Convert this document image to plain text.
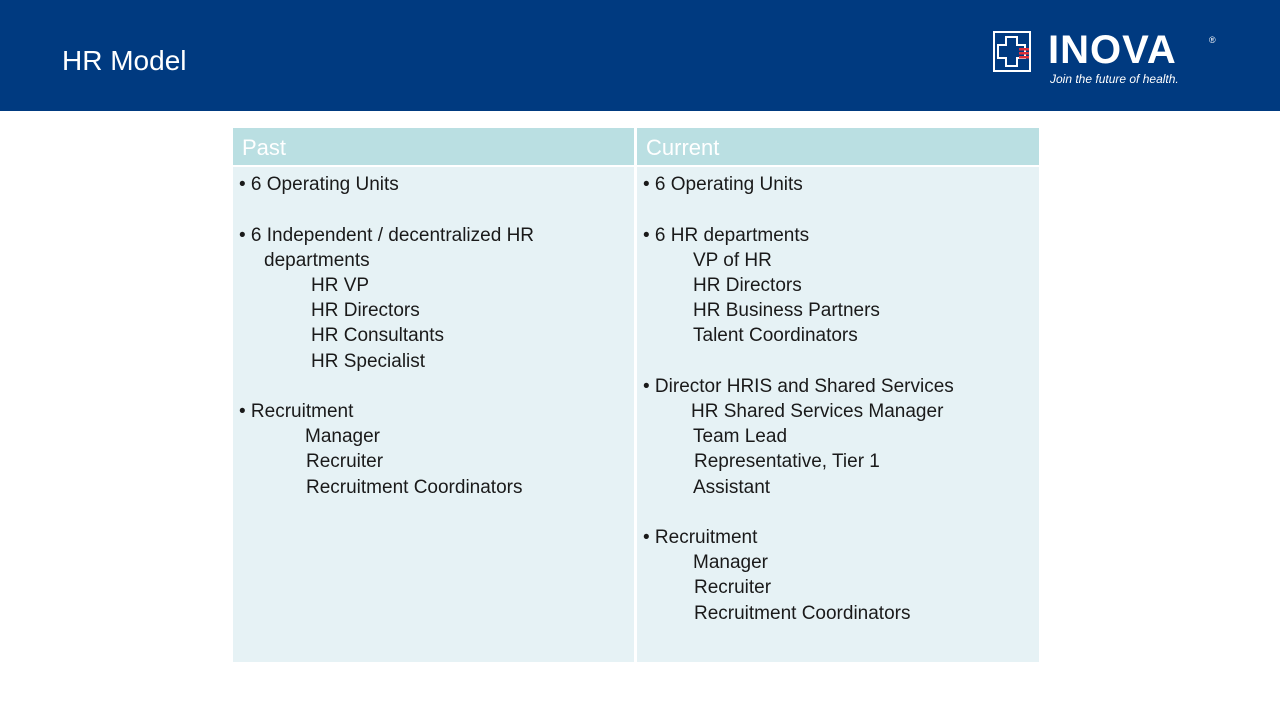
HR Model	INOVA	®
Join the future of health.
Past
• 6 Operating Units
• 6 Independent / decentralized HR
departments
HR VP
HR Directors
HR Consultants
HR Specialist
• Recruitment
Manager
Recruiter
Recruitment Coordinators
Current
• 6 Operating Units
• 6 HR departments
VP of HR
HR Directors
HR Business Partners
Talent Coordinators
• Director HRIS and Shared Services
HR Shared Services Manager
Team Lead
Representative, Tier 1
Assistant
• Recruitment
Manager
Recruiter
Recruitment Coordinators
